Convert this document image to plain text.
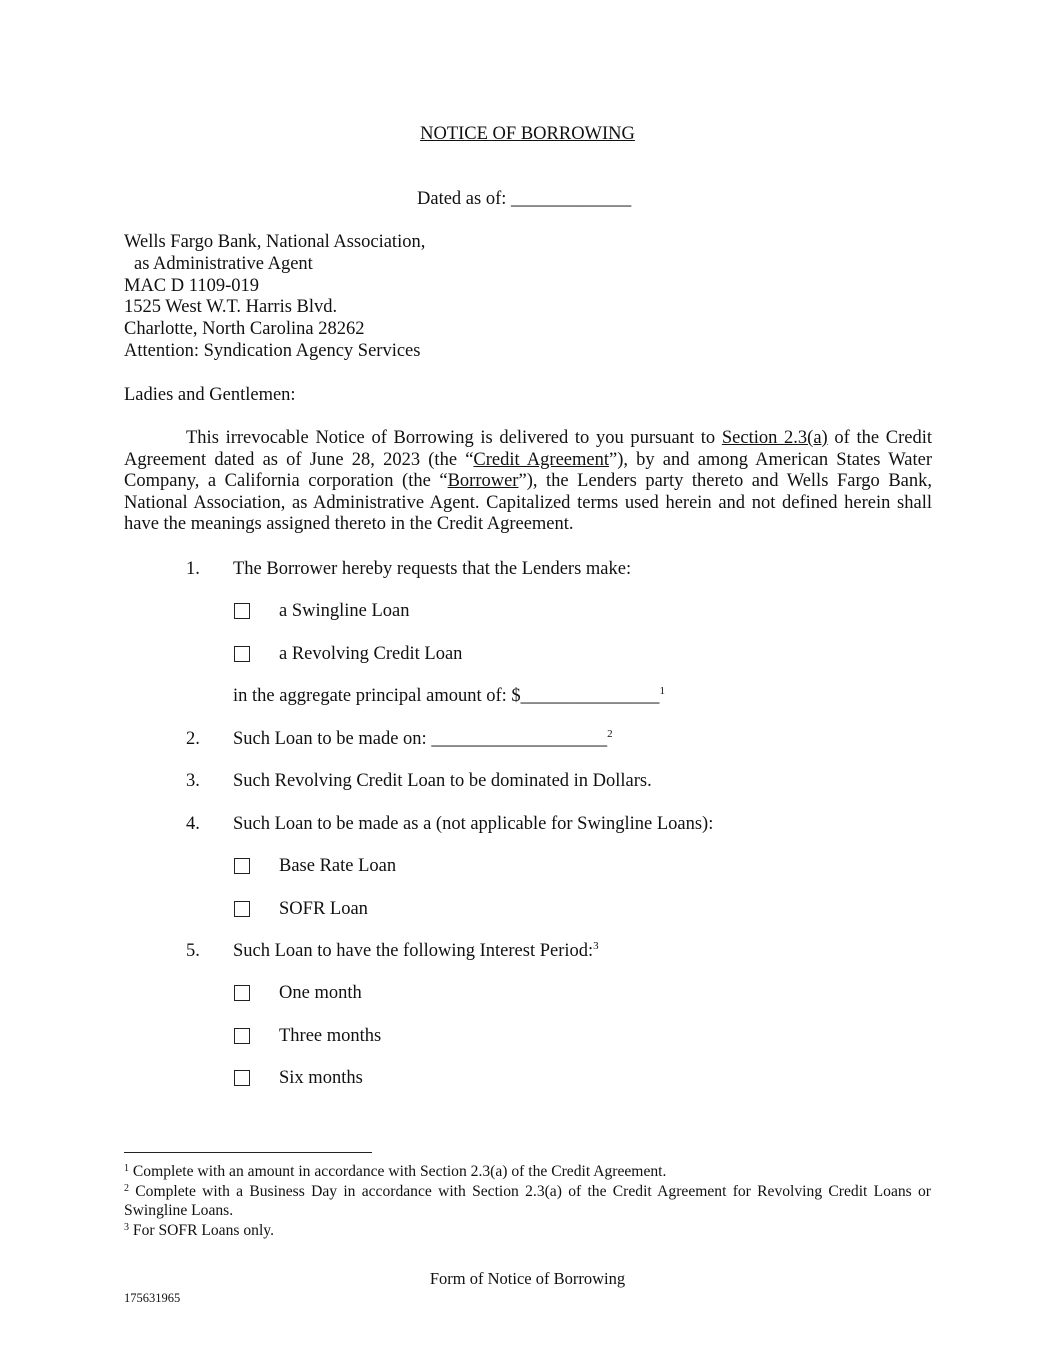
NOTICE OF BORROWING
Dated as of: _____________
Wells Fargo Bank, National Association,
as Administrative Agent
MAC D 1109-019
1525 West W.T. Harris Blvd.
Charlotte, North Carolina 28262
Attention: Syndication Agency Services
Ladies and Gentlemen:
This irrevocable Notice of Borrowing is delivered to you pursuant to Section 2.3(a) of the Credit Agreement dated as of June 28, 2023 (the “Credit Agreement”), by and among American States Water Company, a California corporation (the “Borrower”), the Lenders party thereto and Wells Fargo Bank, National Association, as Administrative Agent. Capitalized terms used herein and not defined herein shall have the meanings assigned thereto in the Credit Agreement.
1. The Borrower hereby requests that the Lenders make:
a Swingline Loan
a Revolving Credit Loan
in the aggregate principal amount of: $_______________$^1$
2. Such Loan to be made on: ___________________$^2$
3. Such Revolving Credit Loan to be dominated in Dollars.
4. Such Loan to be made as a (not applicable for Swingline Loans):
Base Rate Loan
SOFR Loan
5. Such Loan to have the following Interest Period:$^3$
One month
Three months
Six months
$^1$ Complete with an amount in accordance with Section 2.3(a) of the Credit Agreement.
$^2$ Complete with a Business Day in accordance with Section 2.3(a) of the Credit Agreement for Revolving Credit Loans or Swingline Loans.
$^3$ For SOFR Loans only.
Form of Notice of Borrowing
175631965
